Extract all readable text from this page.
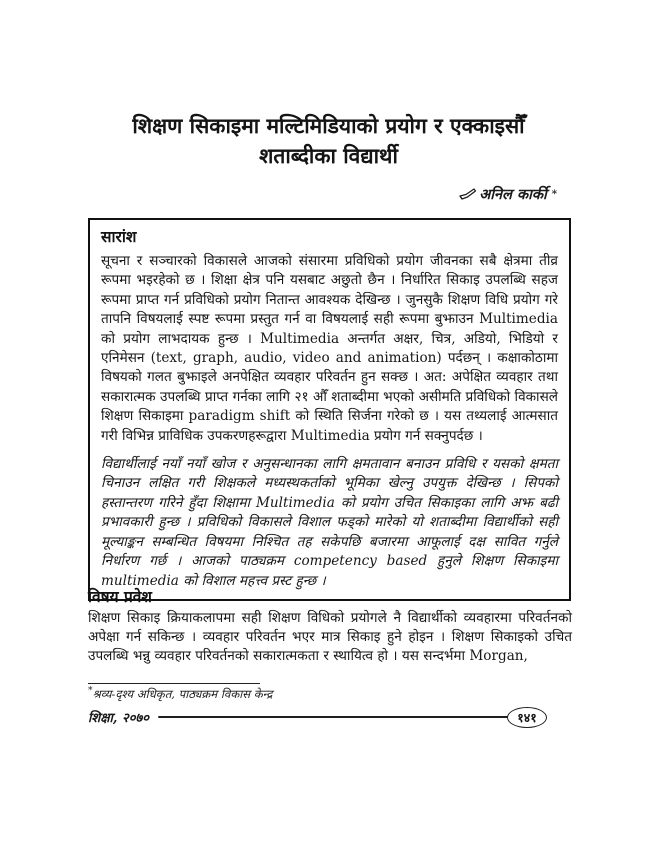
शिक्षण सिकाइमा मल्टिमिडियाको प्रयोग र एक्काइसौँ
शताब्दीका विद्यार्थी
अनिल कार्की *
सारांश

सूचना र सञ्चारको विकासले आजको संसारमा प्रविधिको प्रयोग जीवनका सबै क्षेत्रमा तीव्र रूपमा भइरहेको छ । शिक्षा क्षेत्र पनि यसबाट अछुतो छैन । निर्धारित सिकाइ उपलब्धि सहज रूपमा प्राप्त गर्न प्रविधिको प्रयोग नितान्त आवश्यक देखिन्छ । जुनसुकै शिक्षण विधि प्रयोग गरे तापनि विषयलाई स्पष्ट रूपमा प्रस्तुत गर्न वा विषयलाई सही रूपमा बुझाउन Multimedia को प्रयोग लाभदायक हुन्छ । Multimedia अन्तर्गत अक्षर, चित्र, अडियो, भिडियो र एनिमेसन (text, graph, audio, video and animation) पर्दछन् । कक्षाकोठामा विषयको गलत बुझाइले अनपेक्षित व्यवहार परिवर्तन हुन सक्छ । अत: अपेक्षित व्यवहार तथा सकारात्मक उपलब्धि प्राप्त गर्नका लागि २१ औँ शताब्दीमा भएको असीमति प्रविधिको विकासले शिक्षण सिकाइमा paradigm shift को स्थिति सिर्जना गरेको छ । यस तथ्यलाई आत्मसात गरी विभिन्न प्राविधिक उपकरणहरूद्वारा Multimedia प्रयोग गर्न सक्नुपर्दछ ।

विद्यार्थीलाई नयाँ नयाँ खोज र अनुसन्धानका लागि क्षमतावान बनाउन प्रविधि र यसको क्षमता चिनाउन लक्षित गरी शिक्षकले मध्यस्थकर्ताको भूमिका खेल्नु उपयुक्त देखिन्छ । सिपको हस्तान्तरण गरिने हुँदा शिक्षामा Multimedia को प्रयोग उचित सिकाइका लागि अझ बढी प्रभावकारी हुन्छ । प्रविधिको विकासले विशाल फड्को मारेको यो शताब्दीमा विद्यार्थीको सही मूल्याङ्कन सम्बन्धित विषयमा निश्चित तह सकेपछि बजारमा आफूलाई दक्ष सावित गर्नुले निर्धारण गर्छ । आजको पाठ्यक्रम competency based हुनुले शिक्षण सिकाइमा multimedia को विशाल महत्त्व प्रस्ट हुन्छ ।

विषय प्रवेश

शिक्षण सिकाइ क्रियाकलापमा सही शिक्षण विधिको प्रयोगले नै विद्यार्थीको व्यवहारमा परिवर्तनको अपेक्षा गर्न सकिन्छ । व्यवहार परिवर्तन भएर मात्र सिकाइ हुने होइन । शिक्षण सिकाइको उचित उपलब्धि भन्नु व्यवहार परिवर्तनको सकारात्मकता र स्थायित्व हो । यस सन्दर्भमा Morgan,

*श्रव्य-दृश्य अधिकृत, पाठ्यक्रम विकास केन्द्र

शिक्षा, २०७०	१४१
